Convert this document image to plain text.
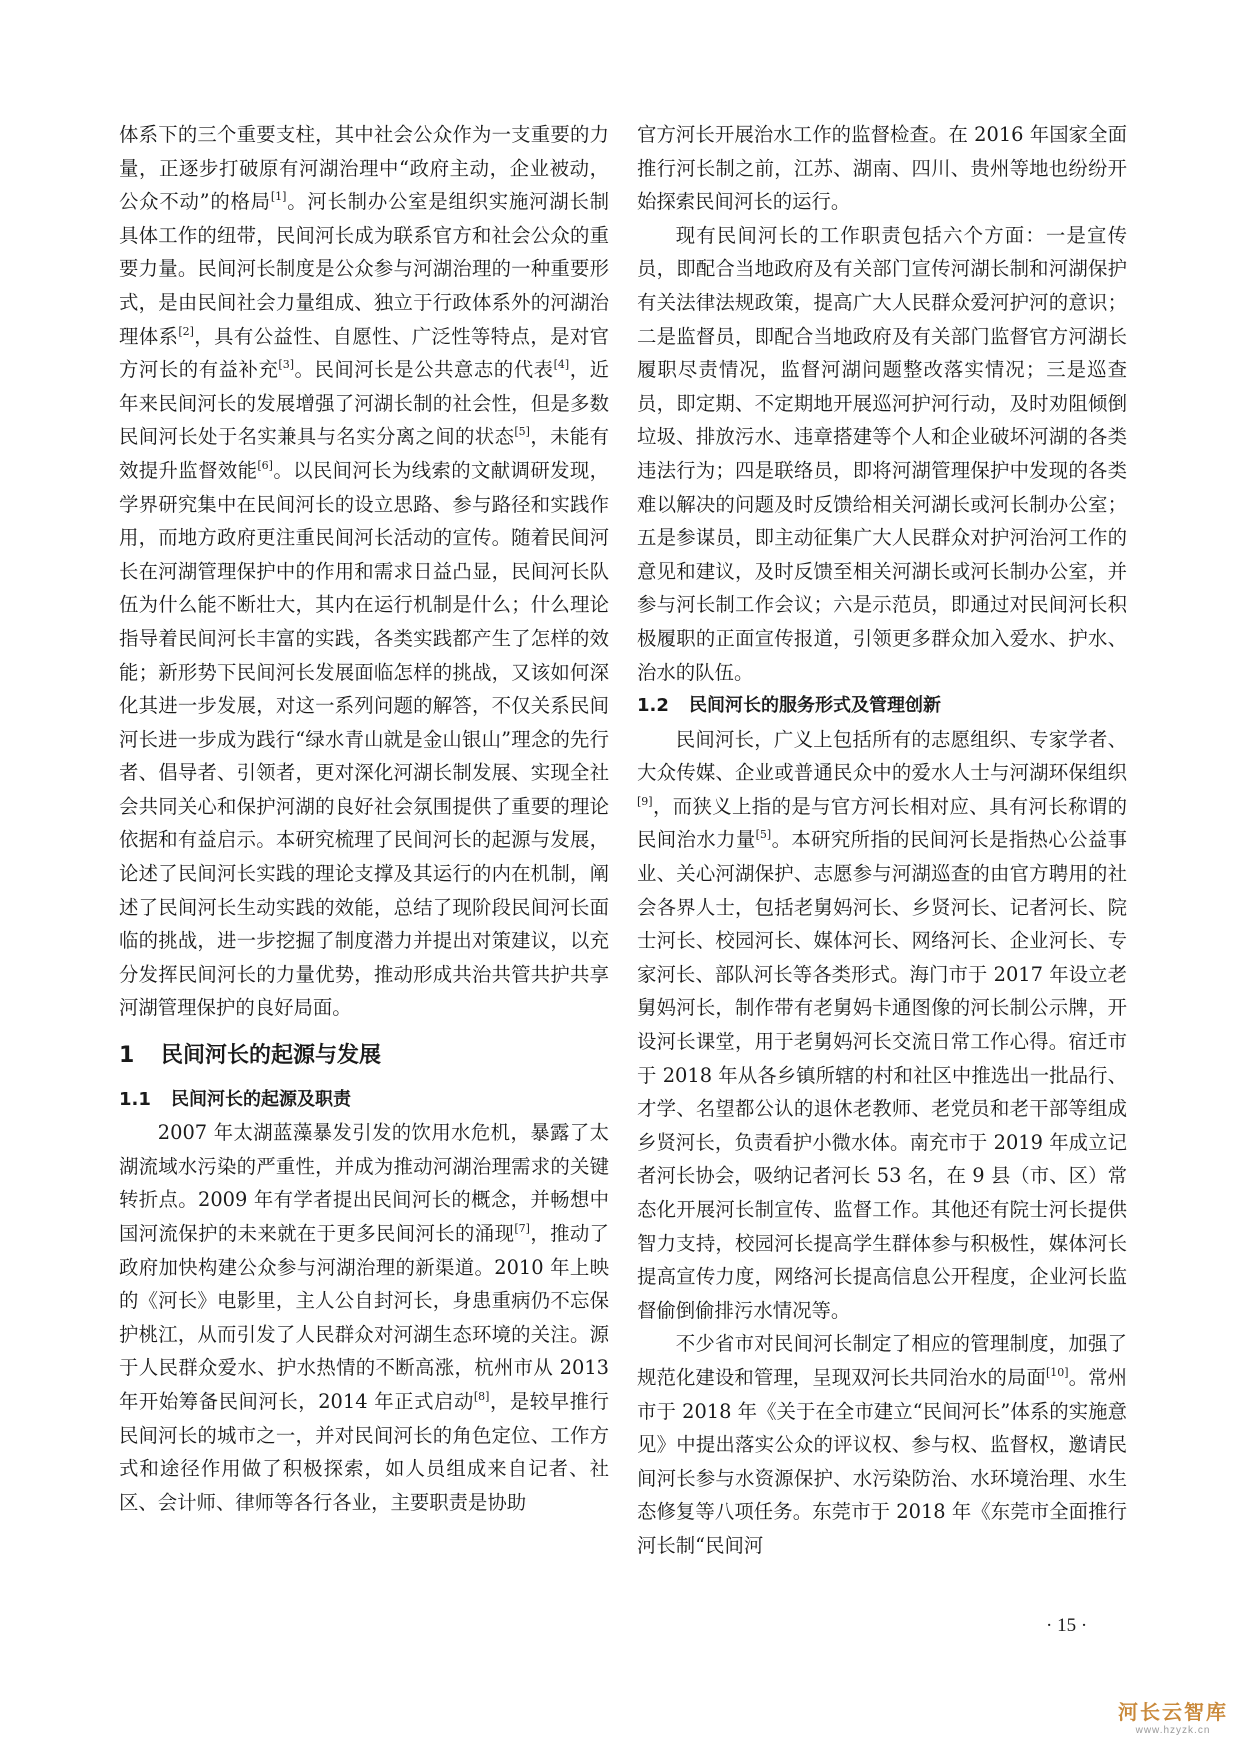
体系下的三个重要支柱，其中社会公众作为一支重要的力量，正逐步打破原有河湖治理中“政府主动，企业被动，公众不动”的格局[1]。河长制办公室是组织实施河湖长制具体工作的纽带，民间河长成为联系官方和社会公众的重要力量。民间河长制度是公众参与河湖治理的一种重要形式，是由民间社会力量组成、独立于行政体系外的河湖治理体系[2]，具有公益性、自愿性、广泛性等特点，是对官方河长的有益补充[3]。民间河长是公共意志的代表[4]，近年来民间河长的发展增强了河湖长制的社会性，但是多数民间河长处于名实兼具与名实分离之间的状态[5]，未能有效提升监督效能[6]。以民间河长为线索的文献调研发现，学界研究集中在民间河长的设立思路、参与路径和实践作用，而地方政府更注重民间河长活动的宣传。随着民间河长在河湖管理保护中的作用和需求日益凸显，民间河长队伍为什么能不断壮大，其内在运行机制是什么；什么理论指导着民间河长丰富的实践，各类实践都产生了怎样的效能；新形势下民间河长发展面临怎样的挑战，又该如何深化其进一步发展，对这一系列问题的解答，不仅关系民间河长进一步成为践行“绿水青山就是金山银山”理念的先行者、倡导者、引领者，更对深化河湖长制发展、实现全社会共同关心和保护河湖的良好社会氛围提供了重要的理论依据和有益启示。本研究梳理了民间河长的起源与发展，论述了民间河长实践的理论支撑及其运行的内在机制，阐述了民间河长生动实践的效能，总结了现阶段民间河长面临的挑战，进一步挖掘了制度潜力并提出对策建议，以充分发挥民间河长的力量优势，推动形成共治共管共护共享河湖管理保护的良好局面。

1 民间河长的起源与发展
1.1 民间河长的起源及职责

2007 年太湖蓝藻暴发引发的饮用水危机，暴露了太湖流域水污染的严重性，并成为推动河湖治理需求的关键转折点。2009 年有学者提出民间河长的概念，并畅想中国河流保护的未来就在于更多民间河长的涌现[7]，推动了政府加快构建公众参与河湖治理的新渠道。2010 年上映的《河长》电影里，主人公自封河长，身患重病仍不忘保护桃江，从而引发了人民群众对河湖生态环境的关注。源于人民群众爱水、护水热情的不断高涨，杭州市从 2013 年开始筹备民间河长，2014 年正式启动[8]，是较早推行民间河长的城市之一，并对民间河长的角色定位、工作方式和途径作用做了积极探索，如人员组成来自记者、社区、会计师、律师等各行各业，主要职责是协助

官方河长开展治水工作的监督检查。在 2016 年国家全面推行河长制之前，江苏、湖南、四川、贵州等地也纷纷开始探索民间河长的运行。

现有民间河长的工作职责包括六个方面：一是宣传员，即配合当地政府及有关部门宣传河湖长制和河湖保护有关法律法规政策，提高广大人民群众爱河护河的意识；二是监督员，即配合当地政府及有关部门监督官方河湖长履职尽责情况，监督河湖问题整改落实情况；三是巡查员，即定期、不定期地开展巡河护河行动，及时劝阻倾倒垃圾、排放污水、违章搭建等个人和企业破坏河湖的各类违法行为；四是联络员，即将河湖管理保护中发现的各类难以解决的问题及时反馈给相关河湖长或河长制办公室；五是参谋员，即主动征集广大人民群众对护河治河工作的意见和建议，及时反馈至相关河湖长或河长制办公室，并参与河长制工作会议；六是示范员，即通过对民间河长积极履职的正面宣传报道，引领更多群众加入爱水、护水、治水的队伍。

1.2 民间河长的服务形式及管理创新

民间河长，广义上包括所有的志愿组织、专家学者、大众传媒、企业或普通民众中的爱水人士与河湖环保组织[9]，而狭义上指的是与官方河长相对应、具有河长称谓的民间治水力量[5]。本研究所指的民间河长是指热心公益事业、关心河湖保护、志愿参与河湖巡查的由官方聘用的社会各界人士，包括老舅妈河长、乡贤河长、记者河长、院士河长、校园河长、媒体河长、网络河长、企业河长、专家河长、部队河长等各类形式。海门市于 2017 年设立老舅妈河长，制作带有老舅妈卡通图像的河长制公示牌，开设河长课堂，用于老舅妈河长交流日常工作心得。宿迁市于 2018 年从各乡镇所辖的村和社区中推选出一批品行、才学、名望都公认的退休老教师、老党员和老干部等组成乡贤河长，负责看护小微水体。南充市于 2019 年成立记者河长协会，吸纳记者河长 53 名，在 9 县（市、区）常态化开展河长制宣传、监督工作。其他还有院士河长提供智力支持，校园河长提高学生群体参与积极性，媒体河长提高宣传力度，网络河长提高信息公开程度，企业河长监督偷倒偷排污水情况等。

不少省市对民间河长制定了相应的管理制度，加强了规范化建设和管理，呈现双河长共同治水的局面[10]。常州市于 2018 年《关于在全市建立“民间河长”体系的实施意见》中提出落实公众的评议权、参与权、监督权，邀请民间河长参与水资源保护、水污染防治、水环境治理、水生态修复等八项任务。东莞市于 2018 年《东莞市全面推行河长制“民间河

· 15 ·
河长云智库
www.hzyzk.cn
